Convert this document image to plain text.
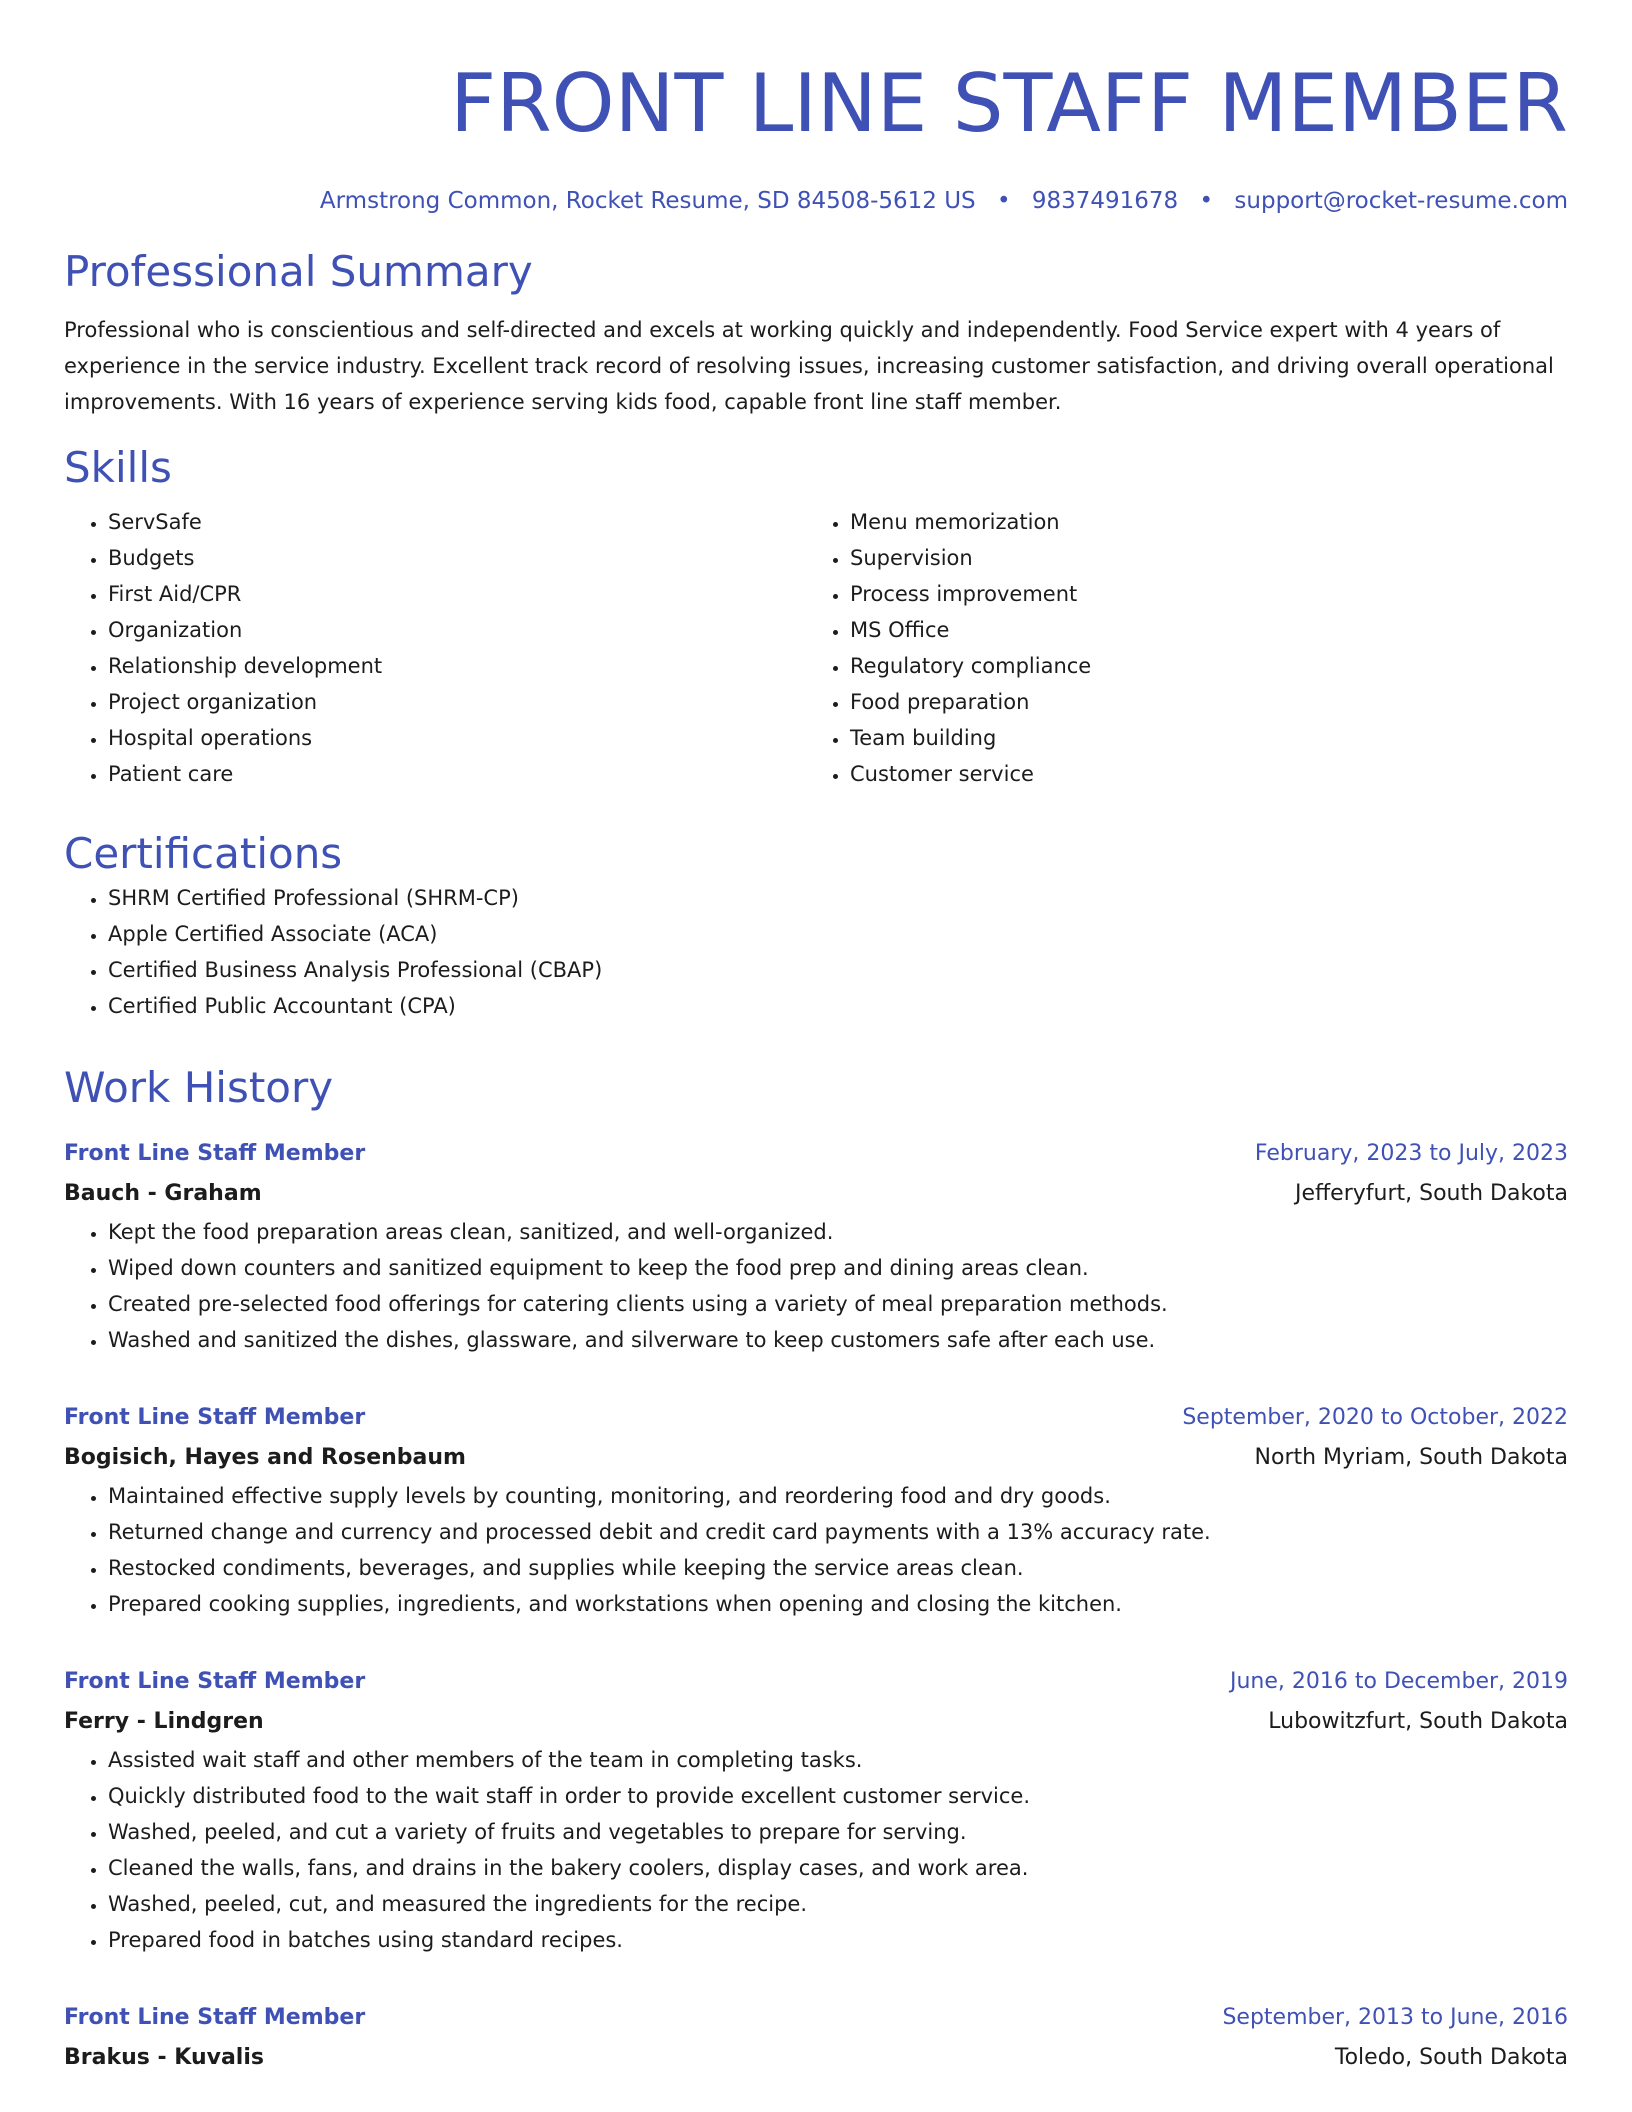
FRONT LINE STAFF MEMBER
Armstrong Common, Rocket Resume, SD 84508-5612 US • 9837491678 • support@rocket-resume.com
Professional Summary
Professional who is conscientious and self-directed and excels at working quickly and independently. Food Service expert with 4 years of experience in the service industry. Excellent track record of resolving issues, increasing customer satisfaction, and driving overall operational improvements. With 16 years of experience serving kids food, capable front line staff member.
Skills
• ServSafe
• Budgets
• First Aid/CPR
• Organization
• Relationship development
• Project organization
• Hospital operations
• Patient care
• Menu memorization
• Supervision
• Process improvement
• MS Office
• Regulatory compliance
• Food preparation
• Team building
• Customer service
Certifications
• SHRM Certified Professional (SHRM-CP)
• Apple Certified Associate (ACA)
• Certified Business Analysis Professional (CBAP)
• Certified Public Accountant (CPA)
Work History
Front Line Staff Member	February, 2023 to July, 2023
Bauch - Graham	Jefferyfurt, South Dakota
• Kept the food preparation areas clean, sanitized, and well-organized.
• Wiped down counters and sanitized equipment to keep the food prep and dining areas clean.
• Created pre-selected food offerings for catering clients using a variety of meal preparation methods.
• Washed and sanitized the dishes, glassware, and silverware to keep customers safe after each use.
Front Line Staff Member	September, 2020 to October, 2022
Bogisich, Hayes and Rosenbaum	North Myriam, South Dakota
• Maintained effective supply levels by counting, monitoring, and reordering food and dry goods.
• Returned change and currency and processed debit and credit card payments with a 13% accuracy rate.
• Restocked condiments, beverages, and supplies while keeping the service areas clean.
• Prepared cooking supplies, ingredients, and workstations when opening and closing the kitchen.
Front Line Staff Member	June, 2016 to December, 2019
Ferry - Lindgren	Lubowitzfurt, South Dakota
• Assisted wait staff and other members of the team in completing tasks.
• Quickly distributed food to the wait staff in order to provide excellent customer service.
• Washed, peeled, and cut a variety of fruits and vegetables to prepare for serving.
• Cleaned the walls, fans, and drains in the bakery coolers, display cases, and work area.
• Washed, peeled, cut, and measured the ingredients for the recipe.
• Prepared food in batches using standard recipes.
Front Line Staff Member	September, 2013 to June, 2016
Brakus - Kuvalis	Toledo, South Dakota
